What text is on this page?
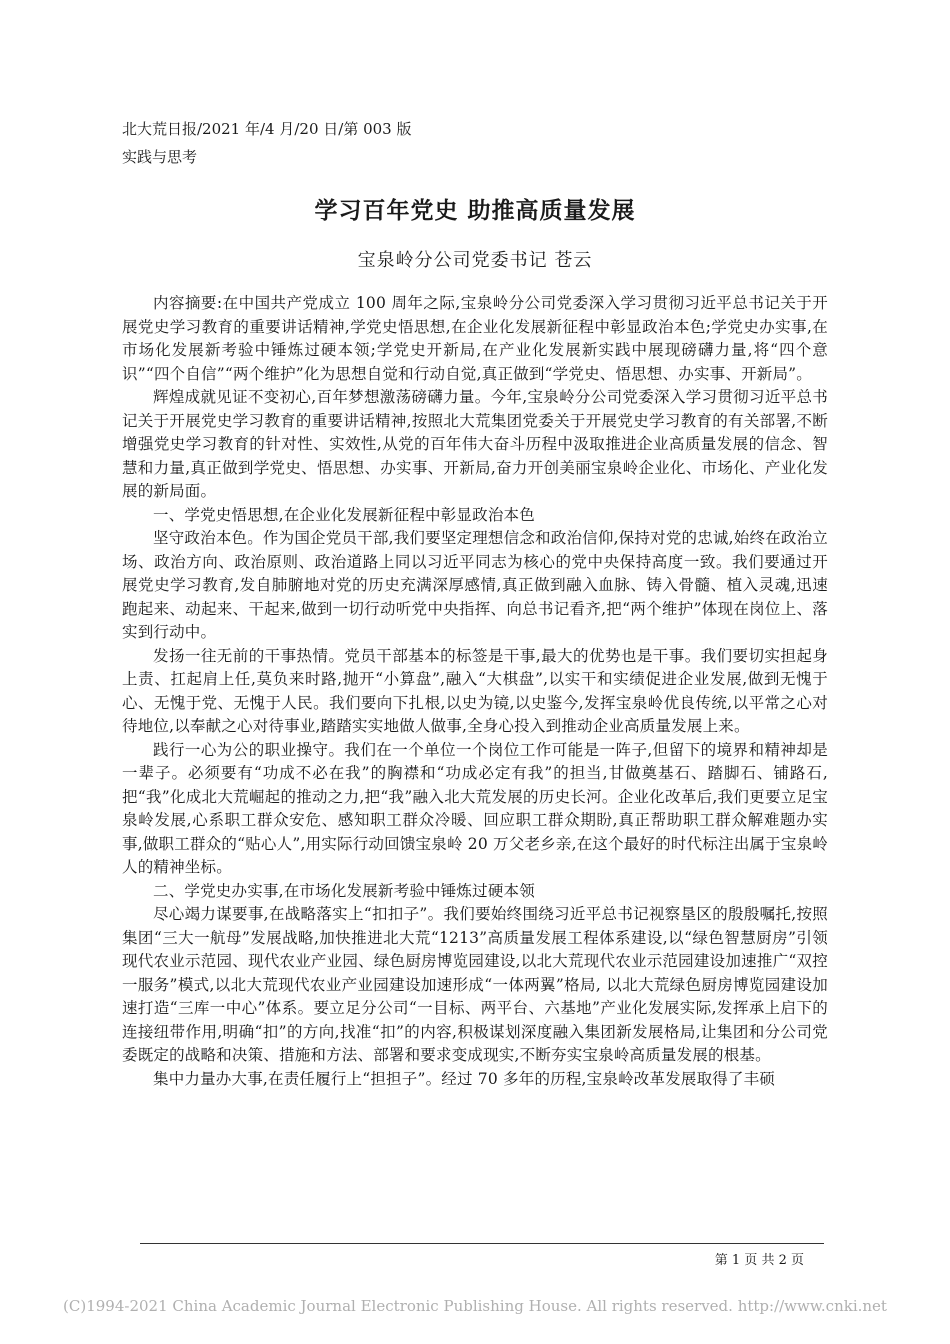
北大荒日报/2021 年/4 月/20 日/第 003 版
实践与思考
学习百年党史 助推高质量发展
宝泉岭分公司党委书记 苍云

内容摘要:在中国共产党成立 100 周年之际,宝泉岭分公司党委深入学习贯彻习近平总书记关于开展党史学习教育的重要讲话精神,学党史悟思想,在企业化发展新征程中彰显政治本色;学党史办实事,在市场化发展新考验中锤炼过硬本领;学党史开新局,在产业化发展新实践中展现磅礴力量,将“四个意识”“四个自信”“两个维护”化为思想自觉和行动自觉,真正做到“学党史、悟思想、办实事、开新局”。

辉煌成就见证不变初心,百年梦想激荡磅礴力量。今年,宝泉岭分公司党委深入学习贯彻习近平总书记关于开展党史学习教育的重要讲话精神,按照北大荒集团党委关于开展党史学习教育的有关部署,不断增强党史学习教育的针对性、实效性,从党的百年伟大奋斗历程中汲取推进企业高质量发展的信念、智慧和力量,真正做到学党史、悟思想、办实事、开新局,奋力开创美丽宝泉岭企业化、市场化、产业化发展的新局面。

一、学党史悟思想,在企业化发展新征程中彰显政治本色

坚守政治本色。作为国企党员干部,我们要坚定理想信念和政治信仰,保持对党的忠诚,始终在政治立场、政治方向、政治原则、政治道路上同以习近平同志为核心的党中央保持高度一致。我们要通过开展党史学习教育,发自肺腑地对党的历史充满深厚感情,真正做到融入血脉、铸入骨髓、植入灵魂,迅速跑起来、动起来、干起来,做到一切行动听党中央指挥、向总书记看齐,把“两个维护”体现在岗位上、落实到行动中。

发扬一往无前的干事热情。党员干部基本的标签是干事,最大的优势也是干事。我们要切实担起身上责、扛起肩上任,莫负来时路,抛开“小算盘”,融入“大棋盘”,以实干和实绩促进企业发展,做到无愧于心、无愧于党、无愧于人民。我们要向下扎根,以史为镜,以史鉴今,发挥宝泉岭优良传统,以平常之心对待地位,以奉献之心对待事业,踏踏实实地做人做事,全身心投入到推动企业高质量发展上来。

践行一心为公的职业操守。我们在一个单位一个岗位工作可能是一阵子,但留下的境界和精神却是一辈子。必须要有“功成不必在我”的胸襟和“功成必定有我”的担当,甘做奠基石、踏脚石、铺路石,把“我”化成北大荒崛起的推动之力,把“我”融入北大荒发展的历史长河。企业化改革后,我们更要立足宝泉岭发展,心系职工群众安危、感知职工群众冷暖、回应职工群众期盼,真正帮助职工群众解难题办实事,做职工群众的“贴心人”,用实际行动回馈宝泉岭 20 万父老乡亲,在这个最好的时代标注出属于宝泉岭人的精神坐标。

二、学党史办实事,在市场化发展新考验中锤炼过硬本领

尽心竭力谋要事,在战略落实上“扣扣子”。我们要始终围绕习近平总书记视察垦区的殷殷嘱托,按照集团“三大一航母”发展战略,加快推进北大荒“1213”高质量发展工程体系建设,以“绿色智慧厨房”引领现代农业示范园、现代农业产业园、绿色厨房博览园建设,以北大荒现代农业示范园建设加速推广“双控一服务”模式,以北大荒现代农业产业园建设加速形成“一体两翼”格局, 以北大荒绿色厨房博览园建设加速打造“三库一中心”体系。要立足分公司“一目标、两平台、六基地”产业化发展实际,发挥承上启下的连接纽带作用,明确“扣”的方向,找准“扣”的内容,积极谋划深度融入集团新发展格局,让集团和分公司党委既定的战略和决策、措施和方法、部署和要求变成现实,不断夯实宝泉岭高质量发展的根基。

集中力量办大事,在责任履行上“担担子”。经过 70 多年的历程,宝泉岭改革发展取得了丰硕

第 1 页 共 2 页
(C)1994-2021 China Academic Journal Electronic Publishing House. All rights reserved. http://www.cnki.net
